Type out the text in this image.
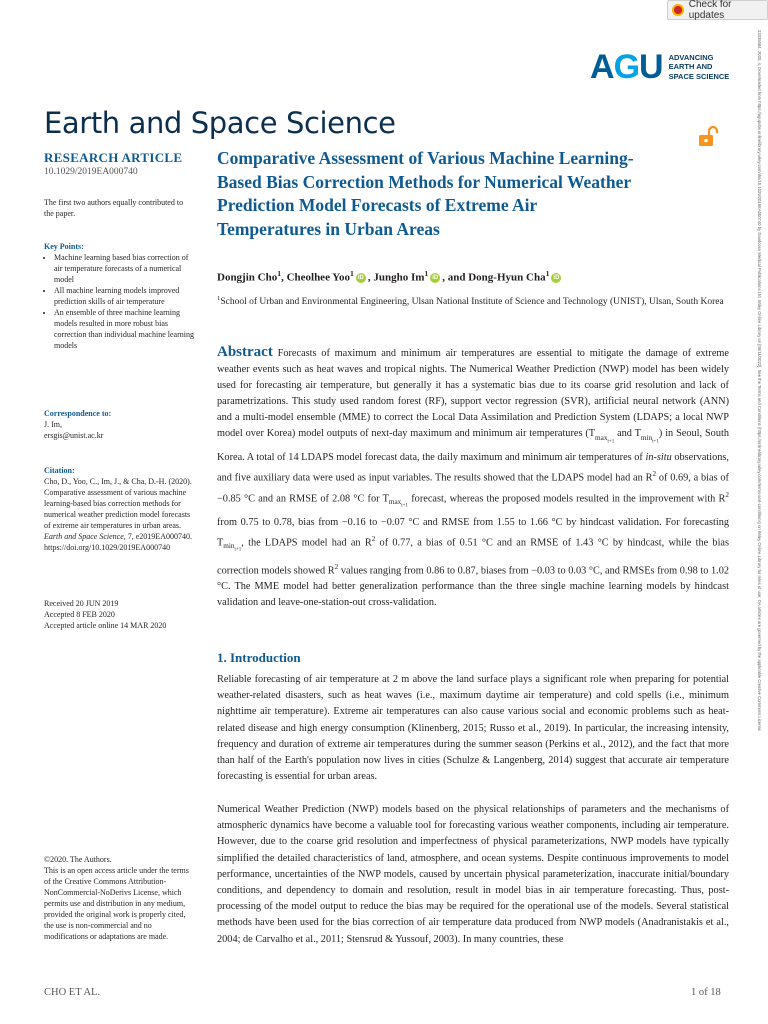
Check for updates
AGU ADVANCING
EARTH AND
SPACE SCIENCE
Earth and Space Science
RESEARCH ARTICLE
10.1029/2019EA000740
The first two authors equally contributed to the paper.
Key Points:
• Machine learning based bias correction of air temperature forecasts of a numerical model
• All machine learning models improved prediction skills of air temperature
• An ensemble of three machine learning models resulted in more robust bias correction than individual machine learning models
Correspondence to:
J. Im,
ersgis@unist.ac.kr
Citation:
Cho, D., Yoo, C., Im, J., & Cha, D.-H. (2020). Comparative assessment of various machine learning-based bias correction methods for numerical weather prediction model forecasts of extreme air temperatures in urban areas. Earth and Space Science, 7, e2019EA000740. https://doi.org/10.1029/2019EA000740
Received 20 JUN 2019
Accepted 8 FEB 2020
Accepted article online 14 MAR 2020
©2020. The Authors.
This is an open access article under the terms of the Creative Commons Attribution-NonCommercial-NoDerivs License, which permits use and distribution in any medium, provided the original work is properly cited, the use is non-commercial and no modifications or adaptations are made.
Comparative Assessment of Various Machine Learning-Based Bias Correction Methods for Numerical Weather Prediction Model Forecasts of Extreme Air Temperatures in Urban Areas
Dongjin Cho$^1$, Cheolhee Yoo$^1$iD , Jungho Im$^1$iD , and Dong-Hyun Cha$^1$iD
$^1$School of Urban and Environmental Engineering, Ulsan National Institute of Science and Technology (UNIST), Ulsan, South Korea
Abstract Forecasts of maximum and minimum air temperatures are essential to mitigate the damage of extreme weather events such as heat waves and tropical nights. The Numerical Weather Prediction (NWP) model has been widely used for forecasting air temperature, but generally it has a systematic bias due to its coarse grid resolution and lack of parametrizations. This study used random forest (RF), support vector regression (SVR), artificial neural network (ANN) and a multi-model ensemble (MME) to correct the Local Data Assimilation and Prediction System (LDAPS; a local NWP model over Korea) model outputs of next-day maximum and minimum air temperatures ($T_{max_{t+1}}$ and $T_{min_{t+1}}$) in Seoul, South Korea. A total of 14 LDAPS model forecast data, the daily maximum and minimum air temperatures of in-situ observations, and five auxiliary data were used as input variables. The results showed that the LDAPS model had an $R^2$ of 0.69, a bias of −0.85 °C and an RMSE of 2.08 °C for $T_{max_{t+1}}$ forecast, whereas the proposed models resulted in the improvement with $R^2$ from 0.75 to 0.78, bias from −0.16 to −0.07 °C and RMSE from 1.55 to 1.66 °C by hindcast validation. For forecasting $T_{min_{t+1}}$, the LDAPS model had an $R^2$ of 0.77, a bias of 0.51 °C and an RMSE of 1.43 °C by hindcast, while the bias correction models showed $R^2$ values ranging from 0.86 to 0.87, biases from −0.03 to 0.03 °C, and RMSEs from 0.98 to 1.02 °C. The MME model had better generalization performance than the three single machine learning models by hindcast validation and leave-one-station-out cross-validation.
1. Introduction
Reliable forecasting of air temperature at 2 m above the land surface plays a significant role when preparing for potential weather-related disasters, such as heat waves (i.e., maximum daytime air temperature) and cold spells (i.e., minimum nighttime air temperature). Extreme air temperatures can also cause various social and economic problems such as heat-related disease and high energy consumption (Klinenberg, 2015; Russo et al., 2019). In particular, the increasing intensity, frequency and duration of extreme air temperatures during the summer season (Perkins et al., 2012), and the fact that more than half of the Earth's population now lives in cities (Schulze & Langenberg, 2014) suggest that accurate air temperature forecasting is essential for urban areas.
Numerical Weather Prediction (NWP) models based on the physical relationships of parameters and the mechanisms of atmospheric dynamics have become a valuable tool for forecasting various weather components, including air temperature. However, due to the coarse grid resolution and imperfectness of physical parameterizations, NWP models have typically simplified the detailed characteristics of land, atmosphere, and ocean systems. Despite continuous improvements to model performance, uncertainties of the NWP models, caused by uncertain physical parameterization, inaccurate initial/boundary conditions, and dependency to domain and resolution, result in model bias in air temperature forecasting. Thus, post-processing of the model output to reduce the bias may be required for the operational use of the models. Several statistical methods have been used for the bias correction of air temperature data produced from NWP models (Anadranistakis et al., 2004; de Carvalho et al., 2011; Stensrud & Yussouf, 2003). In many countries, these
CHO ET AL.	1 of 18
23335084, 2020, 4, Downloaded from https://agupubs.onlinelibrary.wiley.com/doi/10.1029/2019EA000740 by Daudcosu Medical Publications Ltd, Wiley Online Library on [06/11/2022]. See the Terms and Conditions (https://onlinelibrary.wiley.com/terms-and-conditions) on Wiley Online Library for rules of use; OA articles are governed by the applicable Creative Commons License
